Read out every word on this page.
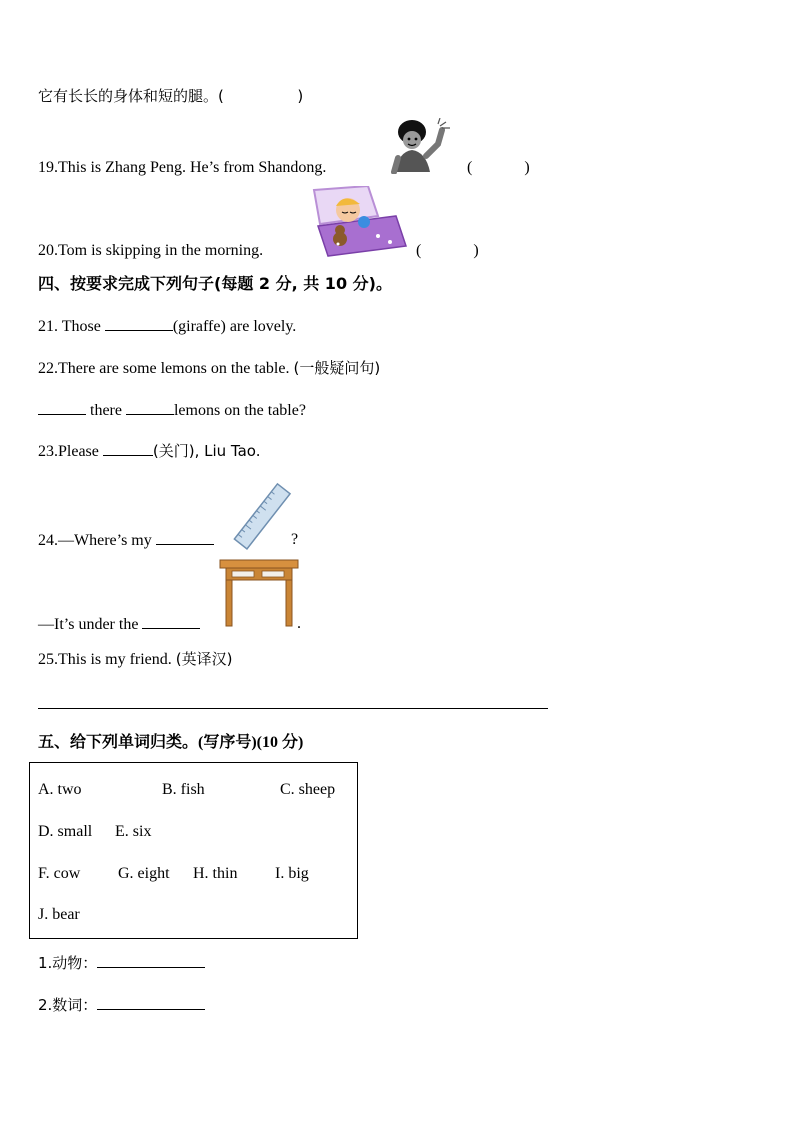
它有长长的身体和短的腿。(	)
19.This is Zhang Peng. He’s from Shandong.	(	)
20.Tom is skipping in the morning.	(	)
四、按要求完成下列句子(每题 2 分, 共 10 分)。
21. Those	(giraffe) are lovely.
22.There are some lemons on the table. (一般疑问句)
there	lemons on the table?
23.Please	(关门), Liu Tao.
24.—Where’s my	?
—It’s under the	.
25.This is my friend. (英译汉)
五、给下列单词归类。(写序号)(10 分)
A. two	B. fish	C. sheep
D. small E. six
F. cow G. eight H. thin I. big
J. bear
1.动物：
2.数词：
